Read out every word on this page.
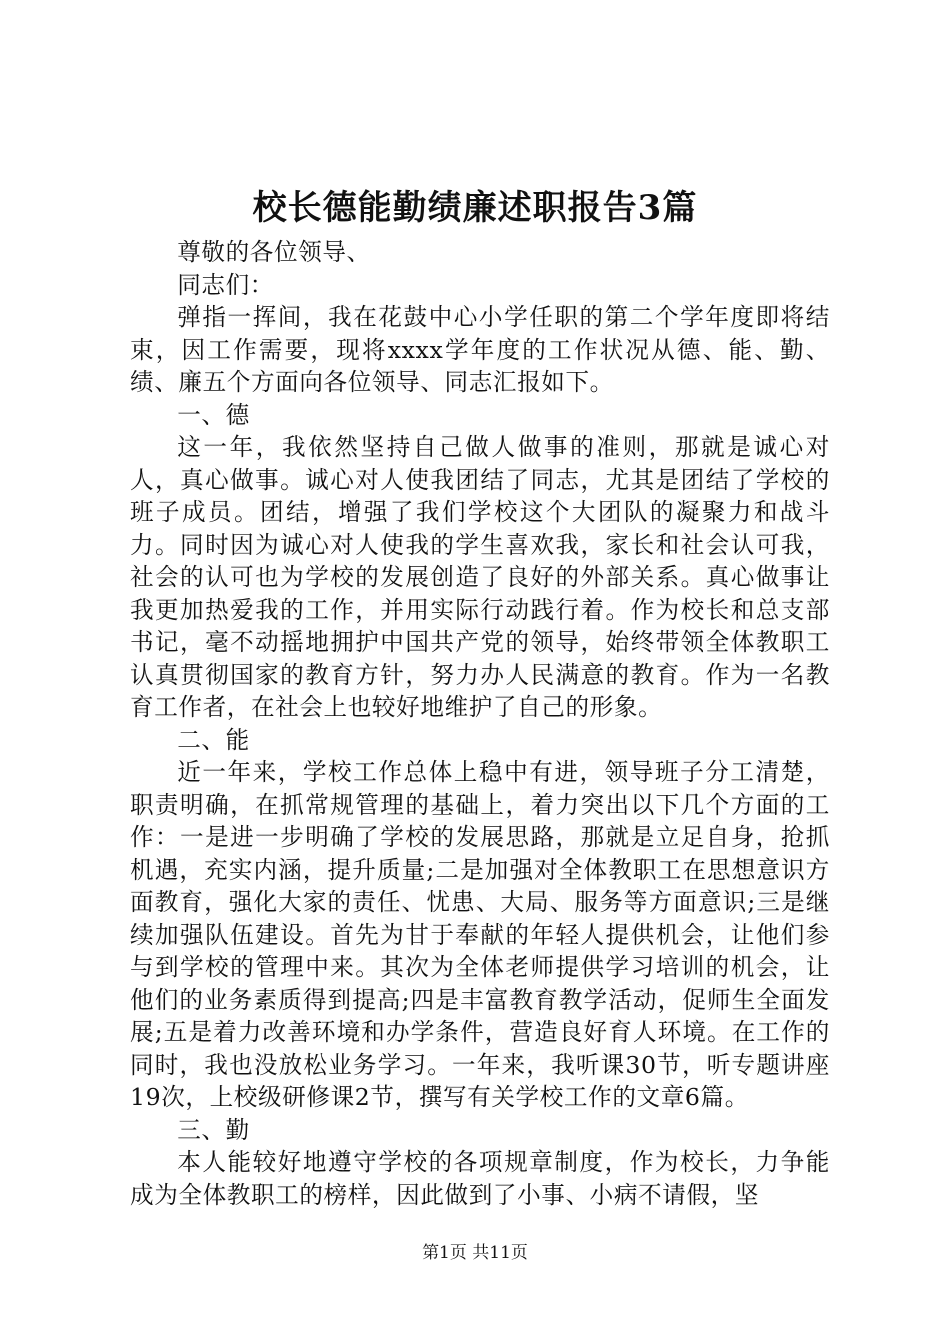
校长德能勤绩廉述职报告3篇

尊敬的各位领导、

同志们：

弹指一挥间，我在花鼓中心小学任职的第二个学年度即将结束，因工作需要，现将xxxx学年度的工作状况从德、能、勤、绩、廉五个方面向各位领导、同志汇报如下。

一、德

这一年，我依然坚持自己做人做事的准则，那就是诚心对人，真心做事。诚心对人使我团结了同志，尤其是团结了学校的班子成员。团结，增强了我们学校这个大团队的凝聚力和战斗力。同时因为诚心对人使我的学生喜欢我，家长和社会认可我，社会的认可也为学校的发展创造了良好的外部关系。真心做事让我更加热爱我的工作，并用实际行动践行着。作为校长和总支部书记，毫不动摇地拥护中国共产党的领导，始终带领全体教职工认真贯彻国家的教育方针，努力办人民满意的教育。作为一名教育工作者，在社会上也较好地维护了自己的形象。

二、能

近一年来，学校工作总体上稳中有进，领导班子分工清楚，职责明确，在抓常规管理的基础上，着力突出以下几个方面的工作：一是进一步明确了学校的发展思路，那就是立足自身，抢抓机遇，充实内涵，提升质量;二是加强对全体教职工在思想意识方面教育，强化大家的责任、忧患、大局、服务等方面意识;三是继续加强队伍建设。首先为甘于奉献的年轻人提供机会，让他们参与到学校的管理中来。其次为全体老师提供学习培训的机会，让他们的业务素质得到提高;四是丰富教育教学活动，促师生全面发展;五是着力改善环境和办学条件，营造良好育人环境。在工作的同时，我也没放松业务学习。一年来，我听课30节，听专题讲座19次，上校级研修课2节，撰写有关学校工作的文章6篇。

三、勤

本人能较好地遵守学校的各项规章制度，作为校长，力争能成为全体教职工的榜样，因此做到了小事、小病不请假，坚

第1页 共11页
